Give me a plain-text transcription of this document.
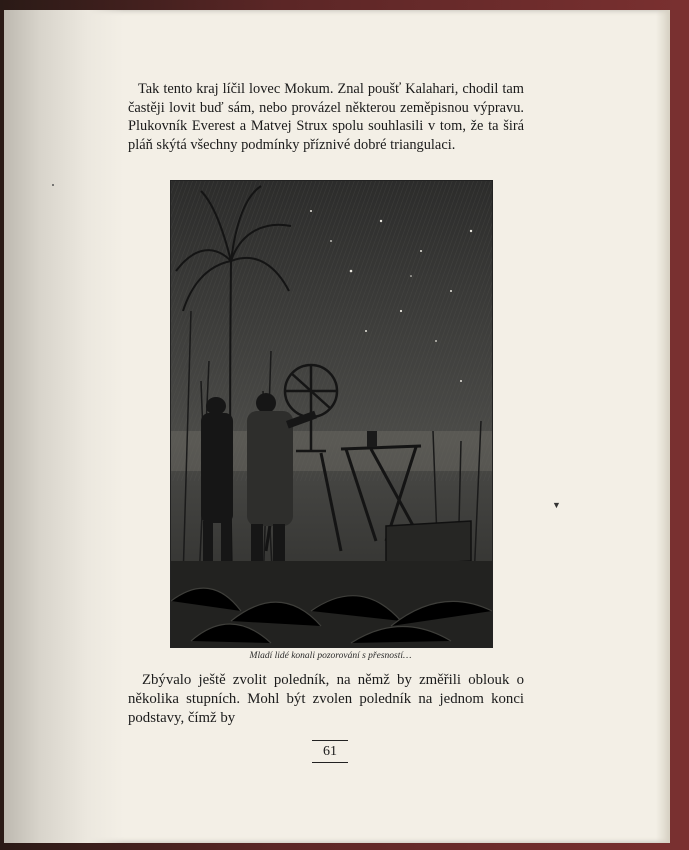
Tak tento kraj líčil lovec Mokum. Znal poušť Kalahari, chodil tam častěji lovit buď sám, nebo provázel některou zeměpisnou výpravu. Plukovník Everest a Matvej Strux spolu souhlasili v tom, že ta širá pláň skýtá všechny podmínky příznivé dobré triangulaci.

Mladí lidé konali pozorování s přesností…

Zbývalo ještě zvolit poledník, na němž by změřili oblouk o několika stupních. Mohl být zvolen poledník na jednom konci podstavy, čímž by

61
▼
